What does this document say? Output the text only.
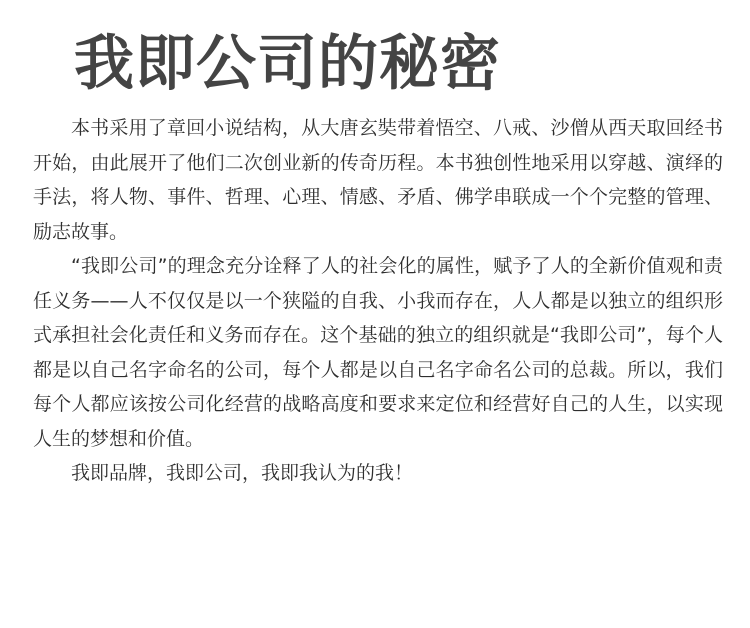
我即公司的秘密

本书采用了章回小说结构，从大唐玄奘带着悟空、八戒、沙僧从西天取回经书开始，由此展开了他们二次创业新的传奇历程。本书独创性地采用以穿越、演绎的手法，将人物、事件、哲理、心理、情感、矛盾、佛学串联成一个个完整的管理、励志故事。

“我即公司”的理念充分诠释了人的社会化的属性，赋予了人的全新价值观和责任义务——人不仅仅是以一个狭隘的自我、小我而存在，人人都是以独立的组织形式承担社会化责任和义务而存在。这个基础的独立的组织就是“我即公司”，每个人都是以自己名字命名的公司，每个人都是以自己名字命名公司的总裁。所以，我们每个人都应该按公司化经营的战略高度和要求来定位和经营好自己的人生，以实现人生的梦想和价值。

我即品牌，我即公司，我即我认为的我！
